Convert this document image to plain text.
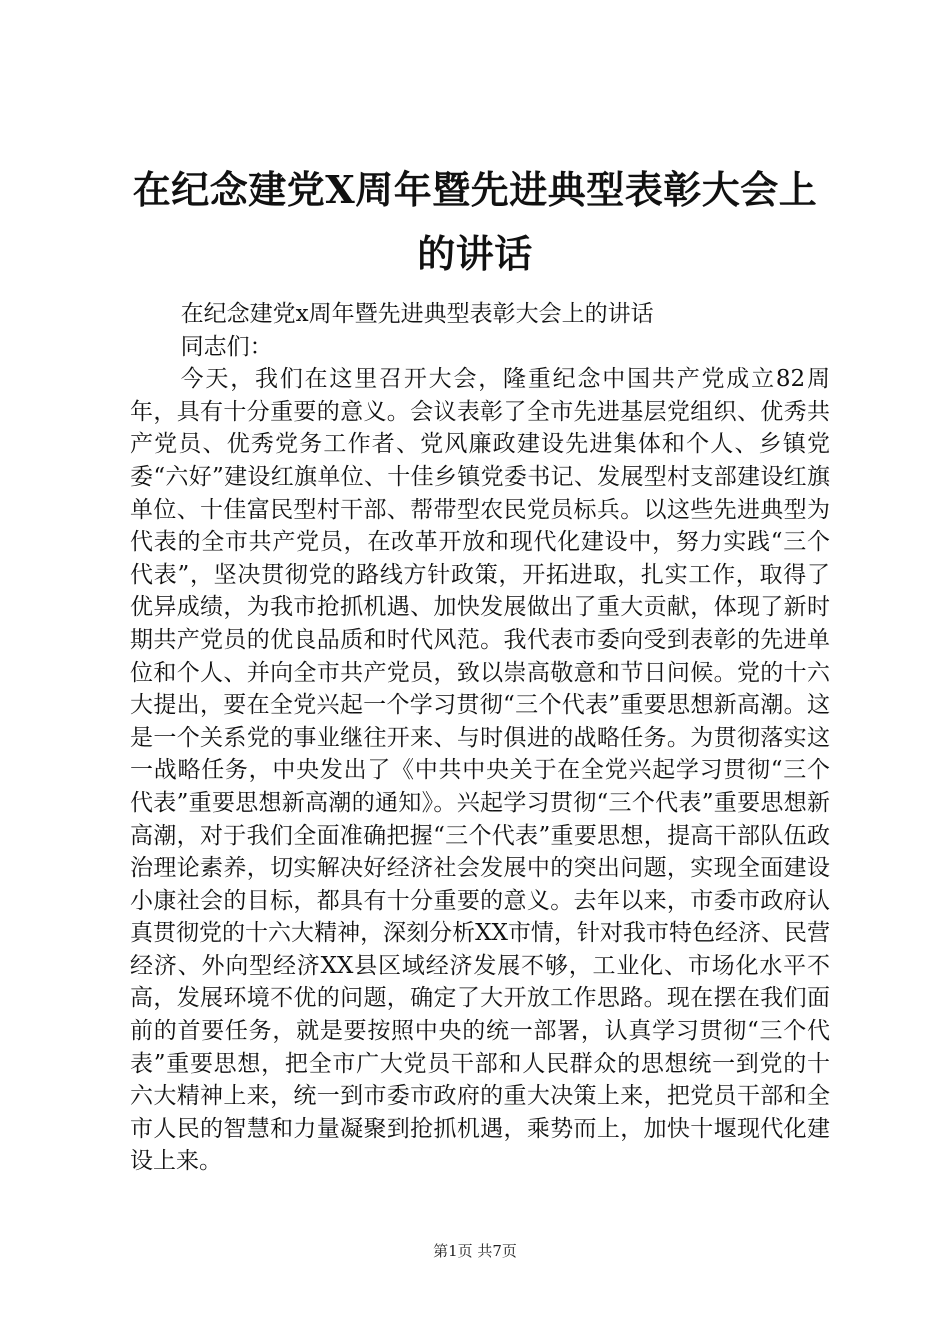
在纪念建党X周年暨先进典型表彰大会上的讲话

在纪念建党x周年暨先进典型表彰大会上的讲话

同志们：

今天，我们在这里召开大会，隆重纪念中国共产党成立82周年，具有十分重要的意义。会议表彰了全市先进基层党组织、优秀共产党员、优秀党务工作者、党风廉政建设先进集体和个人、乡镇党委“六好”建设红旗单位、十佳乡镇党委书记、发展型村支部建设红旗单位、十佳富民型村干部、帮带型农民党员标兵。以这些先进典型为代表的全市共产党员，在改革开放和现代化建设中，努力实践“三个代表”，坚决贯彻党的路线方针政策，开拓进取，扎实工作，取得了优异成绩，为我市抢抓机遇、加快发展做出了重大贡献，体现了新时期共产党员的优良品质和时代风范。我代表市委向受到表彰的先进单位和个人、并向全市共产党员，致以崇高敬意和节日问候。党的十六大提出，要在全党兴起一个学习贯彻“三个代表”重要思想新高潮。这是一个关系党的事业继往开来、与时俱进的战略任务。为贯彻落实这一战略任务，中央发出了《中共中央关于在全党兴起学习贯彻“三个代表”重要思想新高潮的通知》。兴起学习贯彻“三个代表”重要思想新高潮，对于我们全面准确把握“三个代表”重要思想，提高干部队伍政治理论素养，切实解决好经济社会发展中的突出问题，实现全面建设小康社会的目标，都具有十分重要的意义。去年以来，市委市政府认真贯彻党的十六大精神，深刻分析XX市情，针对我市特色经济、民营经济、外向型经济XX县区域经济发展不够，工业化、市场化水平不高，发展环境不优的问题，确定了大开放工作思路。现在摆在我们面前的首要任务，就是要按照中央的统一部署，认真学习贯彻“三个代表”重要思想，把全市广大党员干部和人民群众的思想统一到党的十六大精神上来，统一到市委市政府的重大决策上来，把党员干部和全市人民的智慧和力量凝聚到抢抓机遇，乘势而上，加快十堰现代化建设上来。

第1页 共7页
